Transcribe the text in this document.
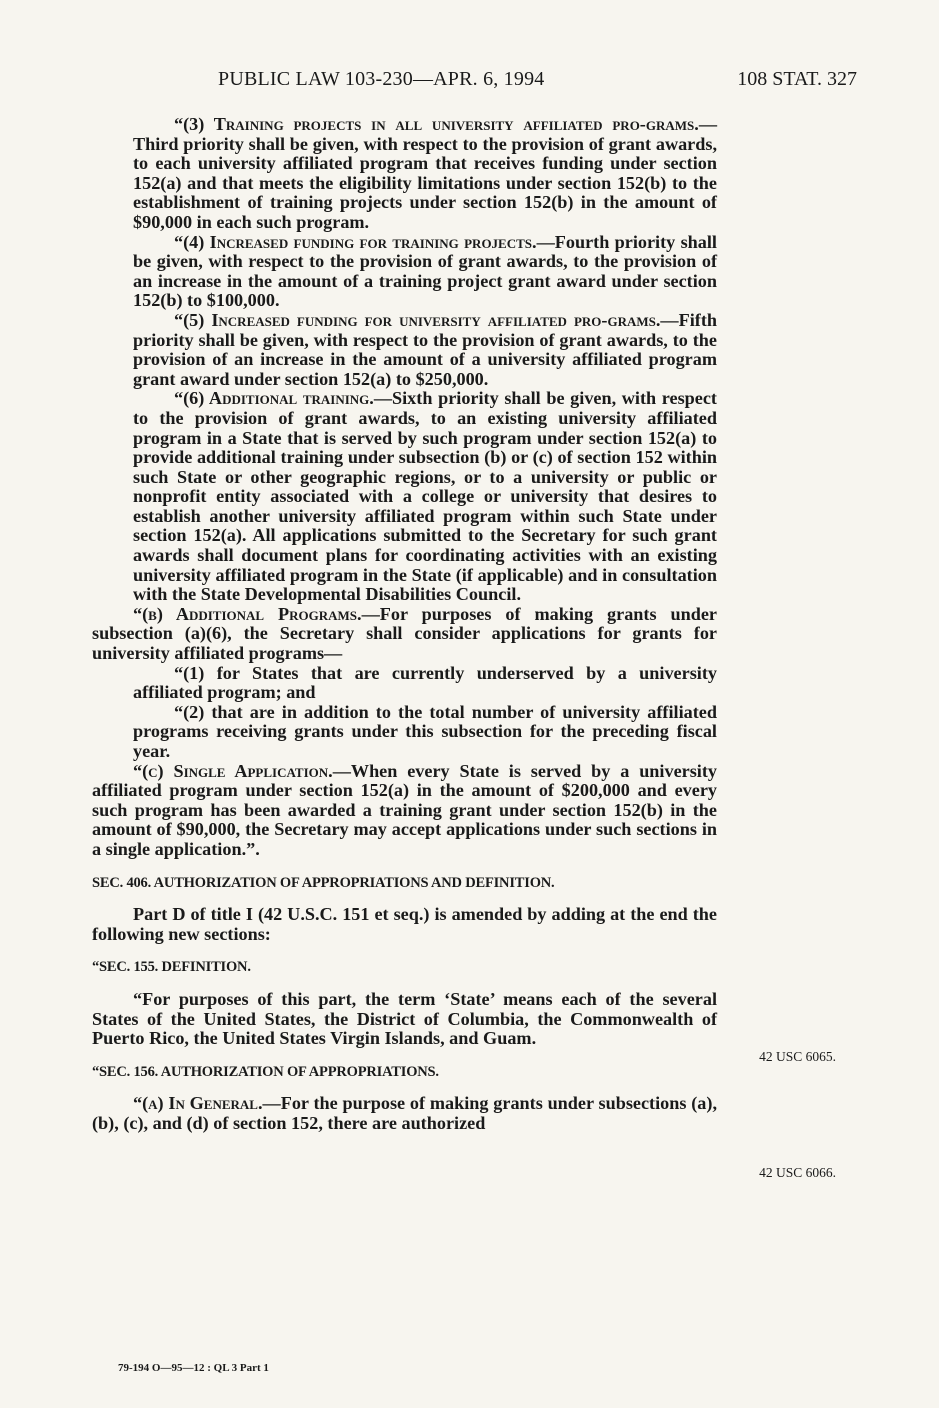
PUBLIC LAW 103-230—APR. 6, 1994	108 STAT. 327

“(3) Training projects in all university affiliated pro-grams.—Third priority shall be given, with respect to the provision of grant awards, to each university affiliated program that receives funding under section 152(a) and that meets the eligibility limitations under section 152(b) to the establishment of training projects under section 152(b) in the amount of $90,000 in each such program.

“(4) Increased funding for training projects.—Fourth priority shall be given, with respect to the provision of grant awards, to the provision of an increase in the amount of a training project grant award under section 152(b) to $100,000.

“(5) Increased funding for university affiliated pro-grams.—Fifth priority shall be given, with respect to the provision of grant awards, to the provision of an increase in the amount of a university affiliated program grant award under section 152(a) to $250,000.

“(6) Additional training.—Sixth priority shall be given, with respect to the provision of grant awards, to an existing university affiliated program in a State that is served by such program under section 152(a) to provide additional training under subsection (b) or (c) of section 152 within such State or other geographic regions, or to a university or public or nonprofit entity associated with a college or university that desires to establish another university affiliated program within such State under section 152(a). All applications submitted to the Secretary for such grant awards shall document plans for coordinating activities with an existing university affiliated program in the State (if applicable) and in consultation with the State Developmental Disabilities Council.

“(b) Additional Programs.—For purposes of making grants under subsection (a)(6), the Secretary shall consider applications for grants for university affiliated programs—

“(1) for States that are currently underserved by a university affiliated program; and

“(2) that are in addition to the total number of university affiliated programs receiving grants under this subsection for the preceding fiscal year.

“(c) Single Application.—When every State is served by a university affiliated program under section 152(a) in the amount of $200,000 and every such program has been awarded a training grant under section 152(b) in the amount of $90,000, the Secretary may accept applications under such sections in a single application.”.

SEC. 406. AUTHORIZATION OF APPROPRIATIONS AND DEFINITION.

Part D of title I (42 U.S.C. 151 et seq.) is amended by adding at the end the following new sections:

“SEC. 155. DEFINITION.

“For purposes of this part, the term ‘State’ means each of the several States of the United States, the District of Columbia, the Commonwealth of Puerto Rico, the United States Virgin Islands, and Guam.

“SEC. 156. AUTHORIZATION OF APPROPRIATIONS.

“(a) In General.—For the purpose of making grants under subsections (a), (b), (c), and (d) of section 152, there are authorized

42 USC 6065.
42 USC 6066.
79-194 O—95—12 : QL 3 Part 1
